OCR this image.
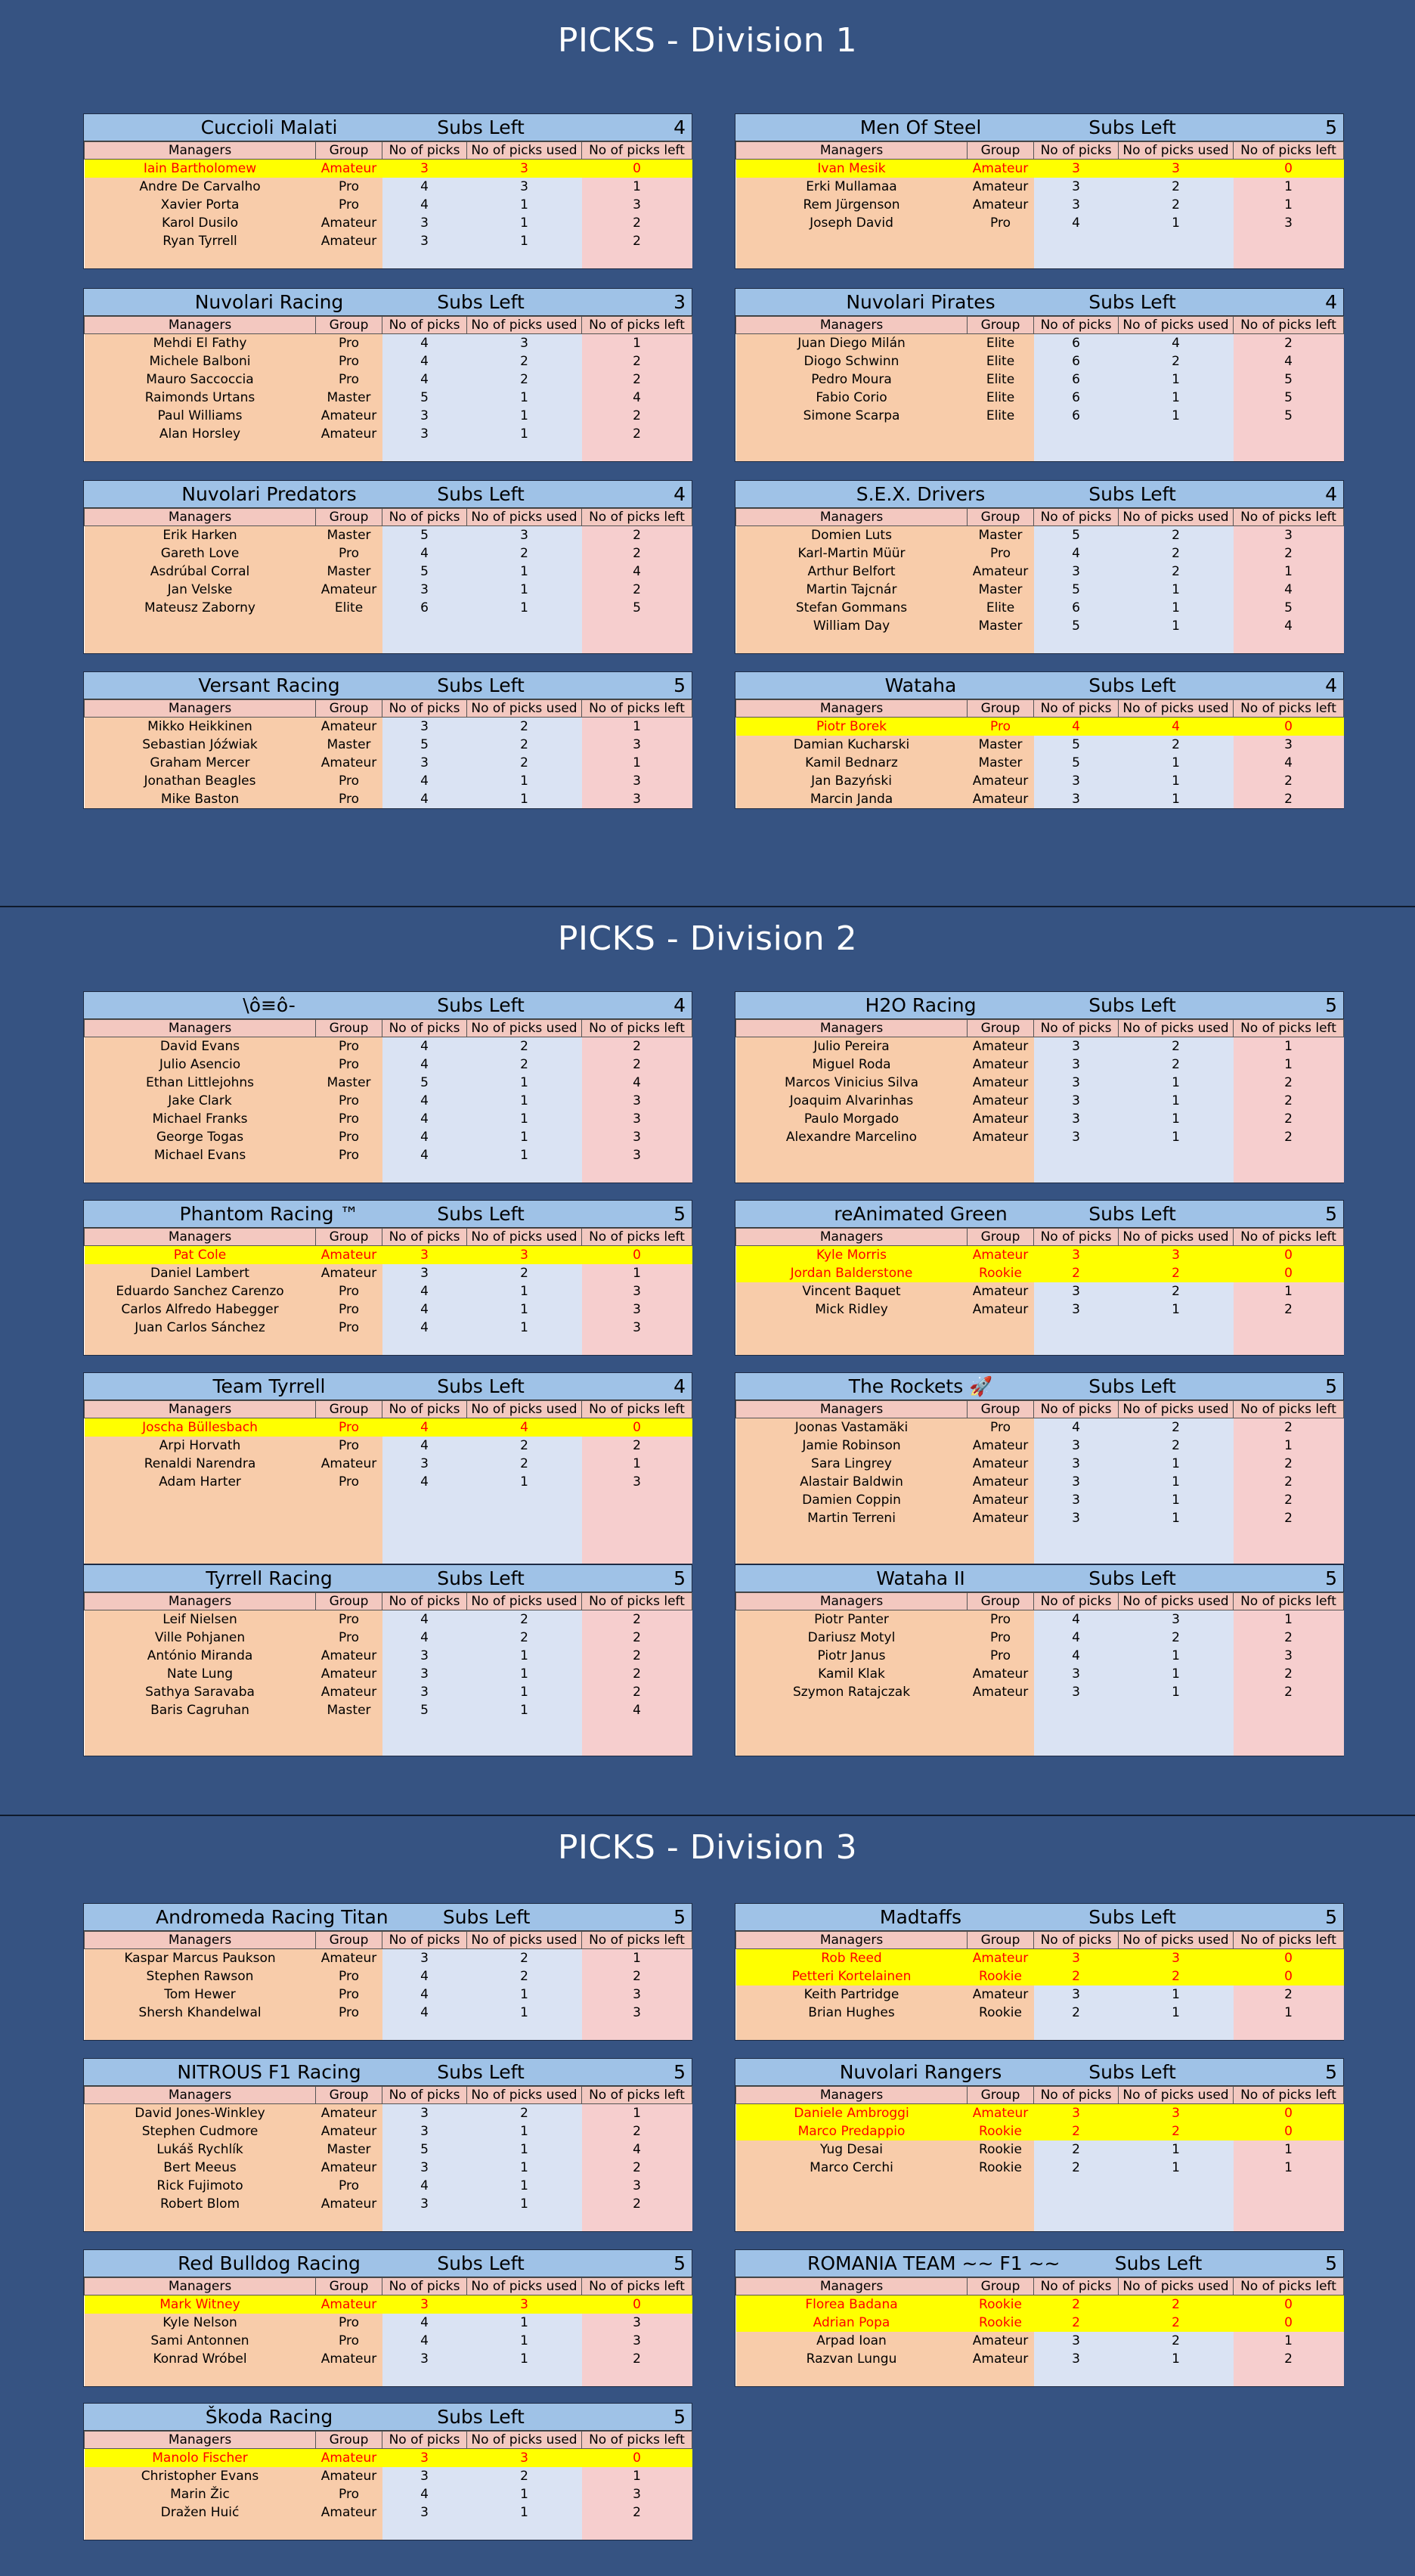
PICKS - Division 1
Cuccioli Malati	Subs Left	4
Managers	Group	No of picks	No of picks used	No of picks left
Iain Bartholomew	Amateur	3	3	0
Andre De Carvalho	Pro	4	3	1
Xavier Porta	Pro	4	1	3
Karol Dusilo	Amateur	3	1	2
Ryan Tyrrell	Amateur	3	1	2

Men Of Steel	Subs Left	5
Managers	Group	No of picks	No of picks used	No of picks left
Ivan Mesik	Amateur	3	3	0
Erki Mullamaa	Amateur	3	2	1
Rem Jürgenson	Amateur	3	2	1
Joseph David	Pro	4	1	3

Nuvolari Racing	Subs Left	3
Managers	Group	No of picks	No of picks used	No of picks left
Mehdi El Fathy	Pro	4	3	1
Michele Balboni	Pro	4	2	2
Mauro Saccoccia	Pro	4	2	2
Raimonds Urtans	Master	5	1	4
Paul Williams	Amateur	3	1	2
Alan Horsley	Amateur	3	1	2

Nuvolari Pirates	Subs Left	4
Managers	Group	No of picks	No of picks used	No of picks left
Juan Diego Milán	Elite	6	4	2
Diogo Schwinn	Elite	6	2	4
Pedro Moura	Elite	6	1	5
Fabio Corio	Elite	6	1	5
Simone Scarpa	Elite	6	1	5

Nuvolari Predators	Subs Left	4
Managers	Group	No of picks	No of picks used	No of picks left
Erik Harken	Master	5	3	2
Gareth Love	Pro	4	2	2
Asdrúbal Corral	Master	5	1	4
Jan Velske	Amateur	3	1	2
Mateusz Zaborny	Elite	6	1	5

S.E.X. Drivers	Subs Left	4
Managers	Group	No of picks	No of picks used	No of picks left
Domien Luts	Master	5	2	3
Karl-Martin Müür	Pro	4	2	2
Arthur Belfort	Amateur	3	2	1
Martin Tajcnár	Master	5	1	4
Stefan Gommans	Elite	6	1	5
William Day	Master	5	1	4

Versant Racing	Subs Left	5
Managers	Group	No of picks	No of picks used	No of picks left
Mikko Heikkinen	Amateur	3	2	1
Sebastian Jóźwiak	Master	5	2	3
Graham Mercer	Amateur	3	2	1
Jonathan Beagles	Pro	4	1	3
Mike Baston	Pro	4	1	3
Wataha	Subs Left	4
Managers	Group	No of picks	No of picks used	No of picks left
Piotr Borek	Pro	4	4	0
Damian Kucharski	Master	5	2	3
Kamil Bednarz	Master	5	1	4
Jan Bazyński	Amateur	3	1	2
Marcin Janda	Amateur	3	1	2
PICKS - Division 2
\ô≡ô-	Subs Left	4
Managers	Group	No of picks	No of picks used	No of picks left
David Evans	Pro	4	2	2
Julio Asencio	Pro	4	2	2
Ethan Littlejohns	Master	5	1	4
Jake Clark	Pro	4	1	3
Michael Franks	Pro	4	1	3
George Togas	Pro	4	1	3
Michael Evans	Pro	4	1	3

H2O Racing	Subs Left	5
Managers	Group	No of picks	No of picks used	No of picks left
Julio Pereira	Amateur	3	2	1
Miguel Roda	Amateur	3	2	1
Marcos Vinicius Silva	Amateur	3	1	2
Joaquim Alvarinhas	Amateur	3	1	2
Paulo Morgado	Amateur	3	1	2
Alexandre Marcelino	Amateur	3	1	2

Phantom Racing ™	Subs Left	5
Managers	Group	No of picks	No of picks used	No of picks left
Pat Cole	Amateur	3	3	0
Daniel Lambert	Amateur	3	2	1
Eduardo Sanchez Carenzo	Pro	4	1	3
Carlos Alfredo Habegger	Pro	4	1	3
Juan Carlos Sánchez	Pro	4	1	3

reAnimated Green	Subs Left	5
Managers	Group	No of picks	No of picks used	No of picks left
Kyle Morris	Amateur	3	3	0
Jordan Balderstone	Rookie	2	2	0
Vincent Baquet	Amateur	3	2	1
Mick Ridley	Amateur	3	1	2

Team Tyrrell	Subs Left	4
Managers	Group	No of picks	No of picks used	No of picks left
Joscha Büllesbach	Pro	4	4	0
Arpi Horvath	Pro	4	2	2
Renaldi Narendra	Amateur	3	2	1
Adam Harter	Pro	4	1	3

The Rockets 🚀	Subs Left	5
Managers	Group	No of picks	No of picks used	No of picks left
Joonas Vastamäki	Pro	4	2	2
Jamie Robinson	Amateur	3	2	1
Sara Lingrey	Amateur	3	1	2
Alastair Baldwin	Amateur	3	1	2
Damien Coppin	Amateur	3	1	2
Martin Terreni	Amateur	3	1	2

Tyrrell Racing	Subs Left	5
Managers	Group	No of picks	No of picks used	No of picks left
Leif Nielsen	Pro	4	2	2
Ville Pohjanen	Pro	4	2	2
António Miranda	Amateur	3	1	2
Nate Lung	Amateur	3	1	2
Sathya Saravaba	Amateur	3	1	2
Baris Cagruhan	Master	5	1	4

Wataha II	Subs Left	5
Managers	Group	No of picks	No of picks used	No of picks left
Piotr Panter	Pro	4	3	1
Dariusz Motyl	Pro	4	2	2
Piotr Janus	Pro	4	1	3
Kamil Klak	Amateur	3	1	2
Szymon Ratajczak	Amateur	3	1	2

PICKS - Division 3
Andromeda Racing Titan	Subs Left	5
Managers	Group	No of picks	No of picks used	No of picks left
Kaspar Marcus Paukson	Amateur	3	2	1
Stephen Rawson	Pro	4	2	2
Tom Hewer	Pro	4	1	3
Shersh Khandelwal	Pro	4	1	3

Madtaffs	Subs Left	5
Managers	Group	No of picks	No of picks used	No of picks left
Rob Reed	Amateur	3	3	0
Petteri Kortelainen	Rookie	2	2	0
Keith Partridge	Amateur	3	1	2
Brian Hughes	Rookie	2	1	1

NITROUS F1 Racing	Subs Left	5
Managers	Group	No of picks	No of picks used	No of picks left
David Jones-Winkley	Amateur	3	2	1
Stephen Cudmore	Amateur	3	1	2
Lukáš Rychlík	Master	5	1	4
Bert Meeus	Amateur	3	1	2
Rick Fujimoto	Pro	4	1	3
Robert Blom	Amateur	3	1	2

Nuvolari Rangers	Subs Left	5
Managers	Group	No of picks	No of picks used	No of picks left
Daniele Ambroggi	Amateur	3	3	0
Marco Predappio	Rookie	2	2	0
Yug Desai	Rookie	2	1	1
Marco Cerchi	Rookie	2	1	1

Red Bulldog Racing	Subs Left	5
Managers	Group	No of picks	No of picks used	No of picks left
Mark Witney	Amateur	3	3	0
Kyle Nelson	Pro	4	1	3
Sami Antonnen	Pro	4	1	3
Konrad Wróbel	Amateur	3	1	2

ROMANIA TEAM ~~ F1 ~~	Subs Left	5
Managers	Group	No of picks	No of picks used	No of picks left
Florea Badana	Rookie	2	2	0
Adrian Popa	Rookie	2	2	0
Arpad Ioan	Amateur	3	2	1
Razvan Lungu	Amateur	3	1	2

Škoda Racing	Subs Left	5
Managers	Group	No of picks	No of picks used	No of picks left
Manolo Fischer	Amateur	3	3	0
Christopher Evans	Amateur	3	2	1
Marin Žic	Pro	4	1	3
Dražen Huić	Amateur	3	1	2
